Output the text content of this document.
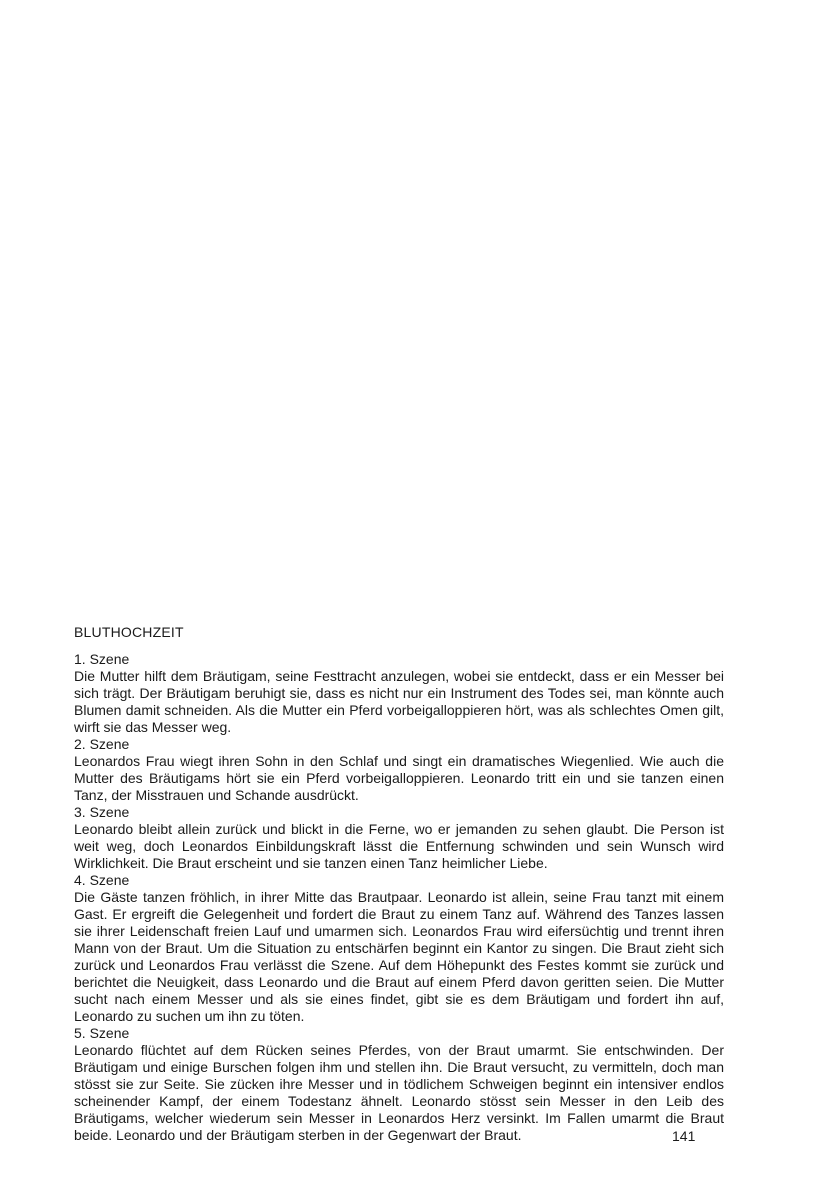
BLUTHOCHZEIT
1. Szene

Die Mutter hilft dem Bräutigam, seine Festtracht anzulegen, wobei sie entdeckt, dass er ein Messer bei sich trägt. Der Bräutigam beruhigt sie, dass es nicht nur ein Instrument des Todes sei, man könnte auch Blumen damit schneiden. Als die Mutter ein Pferd vorbeigalloppieren hört, was als schlechtes Omen gilt, wirft sie das Messer weg.

2. Szene

Leonardos Frau wiegt ihren Sohn in den Schlaf und singt ein dramatisches Wiegenlied. Wie auch die Mutter des Bräutigams hört sie ein Pferd vorbeigalloppieren. Leonardo tritt ein und sie tanzen einen Tanz, der Misstrauen und Schande ausdrückt.

3. Szene

Leonardo bleibt allein zurück und blickt in die Ferne, wo er jemanden zu sehen glaubt. Die Person ist weit weg, doch Leonardos Einbildungskraft lässt die Entfernung schwinden und sein Wunsch wird Wirklichkeit. Die Braut erscheint und sie tanzen einen Tanz heimlicher Liebe.

4. Szene

Die Gäste tanzen fröhlich, in ihrer Mitte das Brautpaar. Leonardo ist allein, seine Frau tanzt mit einem Gast. Er ergreift die Gelegenheit und fordert die Braut zu einem Tanz auf. Während des Tanzes lassen sie ihrer Leidenschaft freien Lauf und umarmen sich. Leonardos Frau wird eifersüchtig und trennt ihren Mann von der Braut. Um die Situation zu entschärfen beginnt ein Kantor zu singen. Die Braut zieht sich zurück und Leonardos Frau verlässt die Szene. Auf dem Höhepunkt des Festes kommt sie zurück und berichtet die Neuigkeit, dass Leonardo und die Braut auf einem Pferd davon geritten seien. Die Mutter sucht nach einem Messer und als sie eines findet, gibt sie es dem Bräutigam und fordert ihn auf, Leonardo zu suchen um ihn zu töten.

5. Szene

Leonardo flüchtet auf dem Rücken seines Pferdes, von der Braut umarmt. Sie entschwinden. Der Bräutigam und einige Burschen folgen ihm und stellen ihn. Die Braut versucht, zu vermitteln, doch man stösst sie zur Seite. Sie zücken ihre Messer und in tödlichem Schweigen beginnt ein intensiver endlos scheinender Kampf, der einem Todestanz ähnelt. Leonardo stösst sein Messer in den Leib des Bräutigams, welcher wiederum sein Messer in Leonardos Herz versinkt. Im Fallen umarmt die Braut beide. Leonardo und der Bräutigam sterben in der Gegenwart der Braut.	141
